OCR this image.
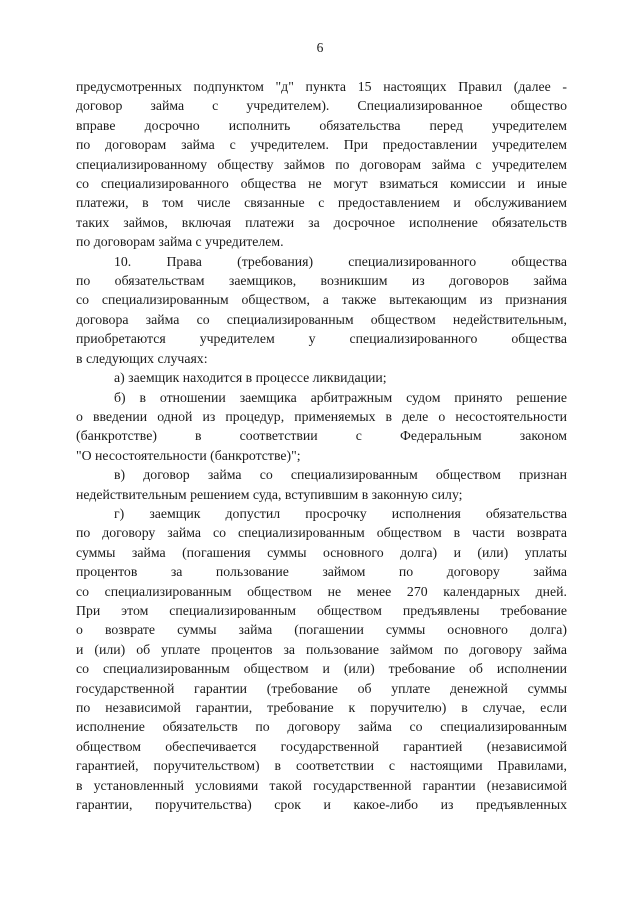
6
предусмотренных подпунктом "д" пункта 15 настоящих Правил (далее -
договор займа с учредителем). Специализированное общество
вправе досрочно исполнить обязательства перед учредителем
по договорам займа с учредителем. При предоставлении учредителем
специализированному обществу займов по договорам займа с учредителем
со специализированного общества не могут взиматься комиссии и иные
платежи, в том числе связанные с предоставлением и обслуживанием
таких займов, включая платежи за досрочное исполнение обязательств
по договорам займа с учредителем.
10. Права (требования) специализированного общества
по обязательствам заемщиков, возникшим из договоров займа
со специализированным обществом, а также вытекающим из признания
договора займа со специализированным обществом недействительным,
приобретаются учредителем у специализированного общества
в следующих случаях:
а) заемщик находится в процессе ликвидации;
б) в отношении заемщика арбитражным судом принято решение
о введении одной из процедур, применяемых в деле о несостоятельности
(банкротстве) в соответствии с Федеральным законом
"О несостоятельности (банкротстве)";
в) договор займа со специализированным обществом признан
недействительным решением суда, вступившим в законную силу;
г) заемщик допустил просрочку исполнения обязательства
по договору займа со специализированным обществом в части возврата
суммы займа (погашения суммы основного долга) и (или) уплаты
процентов за пользование займом по договору займа
со специализированным обществом не менее 270 календарных дней.
При этом специализированным обществом предъявлены требование
о возврате суммы займа (погашении суммы основного долга)
и (или) об уплате процентов за пользование займом по договору займа
со специализированным обществом и (или) требование об исполнении
государственной гарантии (требование об уплате денежной суммы
по независимой гарантии, требование к поручителю) в случае, если
исполнение обязательств по договору займа со специализированным
обществом обеспечивается государственной гарантией (независимой
гарантией, поручительством) в соответствии с настоящими Правилами,
в установленный условиями такой государственной гарантии (независимой
гарантии, поручительства) срок и какое-либо из предъявленных
